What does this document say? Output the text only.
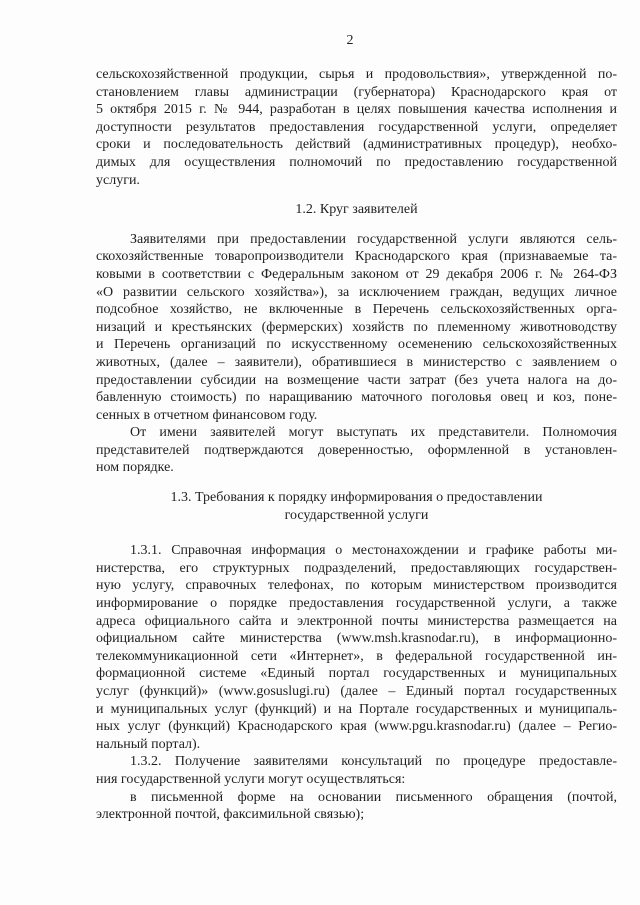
2
сельскохозяйственной продукции, сырья и продовольствия», утвержденной по-
становлением главы администрации (губернатора) Краснодарского края от
5 октября 2015 г. № 944, разработан в целях повышения качества исполнения и
доступности результатов предоставления государственной услуги, определяет
сроки и последовательность действий (административных процедур), необхо-
димых для осуществления полномочий по предоставлению государственной
услуги.
1.2. Круг заявителей
Заявителями при предоставлении государственной услуги являются сель-
скохозяйственные товаропроизводители Краснодарского края (признаваемые та-
ковыми в соответствии с Федеральным законом от 29 декабря 2006 г. № 264-ФЗ
«О развитии сельского хозяйства»), за исключением граждан, ведущих личное
подсобное хозяйство, не включенные в Перечень сельскохозяйственных орга-
низаций и крестьянских (фермерских) хозяйств по племенному животноводству
и Перечень организаций по искусственному осеменению сельскохозяйственных
животных, (далее – заявители), обратившиеся в министерство с заявлением о
предоставлении субсидии на возмещение части затрат (без учета налога на до-
бавленную стоимость) по наращиванию маточного поголовья овец и коз, поне-
сенных в отчетном финансовом году.
От имени заявителей могут выступать их представители. Полномочия
представителей подтверждаются доверенностью, оформленной в установлен-
ном порядке.
1.3. Требования к порядку информирования о предоставлении
государственной услуги
1.3.1. Справочная информация о местонахождении и графике работы ми-
нистерства, его структурных подразделений, предоставляющих государствен-
ную услугу, справочных телефонах, по которым министерством производится
информирование о порядке предоставления государственной услуги, а также
адреса официального сайта и электронной почты министерства размещается на
официальном сайте министерства (www.msh.krasnodar.ru), в информационно-
телекоммуникационной сети «Интернет», в федеральной государственной ин-
формационной системе «Единый портал государственных и муниципальных
услуг (функций)» (www.gosuslugi.ru) (далее – Единый портал государственных
и муниципальных услуг (функций) и на Портале государственных и муниципаль-
ных услуг (функций) Краснодарского края (www.pgu.krasnodar.ru) (далее – Регио-
нальный портал).
1.3.2. Получение заявителями консультаций по процедуре предоставле-
ния государственной услуги могут осуществляться:
в письменной форме на основании письменного обращения (почтой,
электронной почтой, факсимильной связью);
